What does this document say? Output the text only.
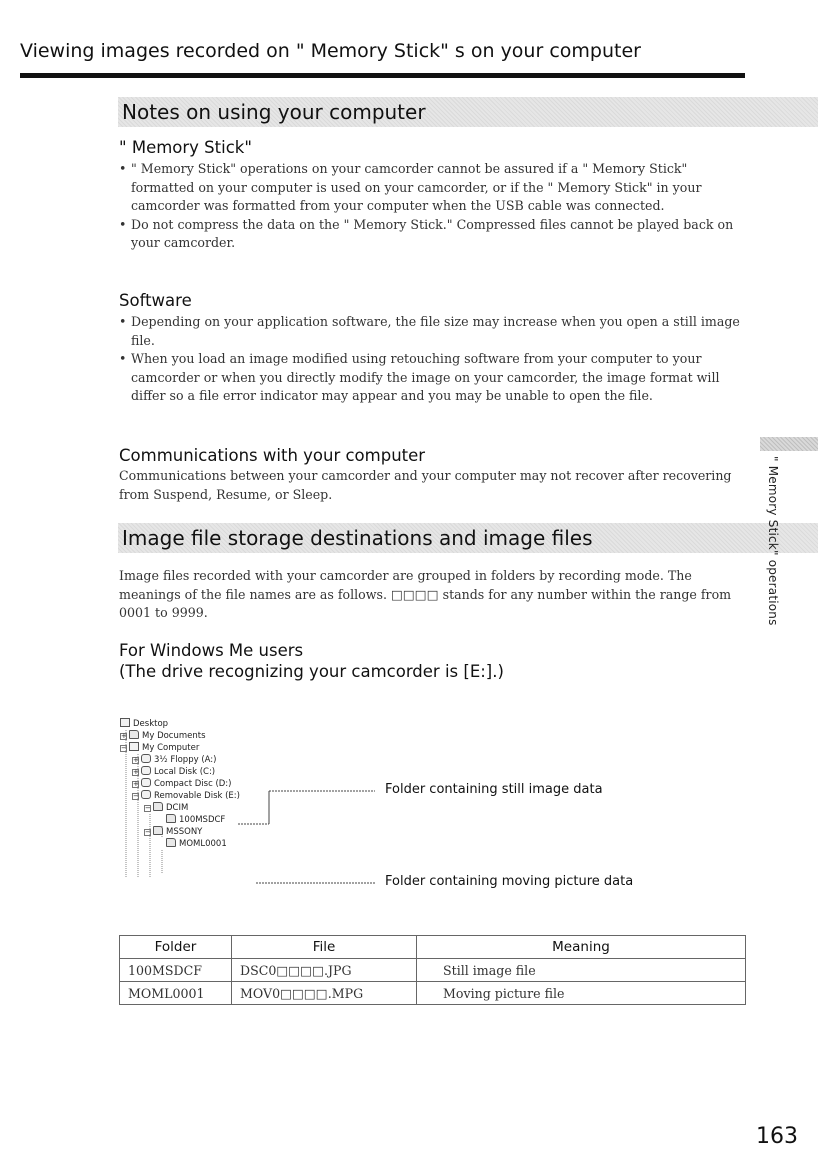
Viewing images recorded on " Memory Stick" s on your computer
Notes on using your computer
" Memory Stick"
• " Memory Stick" operations on your camcorder cannot be assured if a " Memory Stick" formatted on your computer is used on your camcorder, or if the " Memory Stick" in your camcorder was formatted from your computer when the USB cable was connected.
• Do not compress the data on the " Memory Stick." Compressed files cannot be played back on your camcorder.
Software
• Depending on your application software, the file size may increase when you open a still image file.
• When you load an image modified using retouching software from your computer to your camcorder or when you directly modify the image on your camcorder, the image format will differ so a file error indicator may appear and you may be unable to open the file.
Communications with your computer

Communications between your camcorder and your computer may not recover after recovering from Suspend, Resume, or Sleep.

Image file storage destinations and image files

Image files recorded with your camcorder are grouped in folders by recording mode. The meanings of the file names are as follows. □□□□ stands for any number within the range from 0001 to 9999.

For Windows Me users
(The drive recognizing your camcorder is [E:].)
" Memory Stick" operations
Desktop
+ My Documents
− My Computer
+ 3½ Floppy (A:)
+ Local Disk (C:)
+ Compact Disc (D:)
− Removable Disk (E:)
− DCIM
100MSDCF
− MSSONY
MOML0001
Folder containing still image data
Folder containing moving picture data
Folder	File	Meaning
100MSDCF	DSC0□□□□.JPG	Still image file
MOML0001	MOV0□□□□.MPG	Moving picture file
163
